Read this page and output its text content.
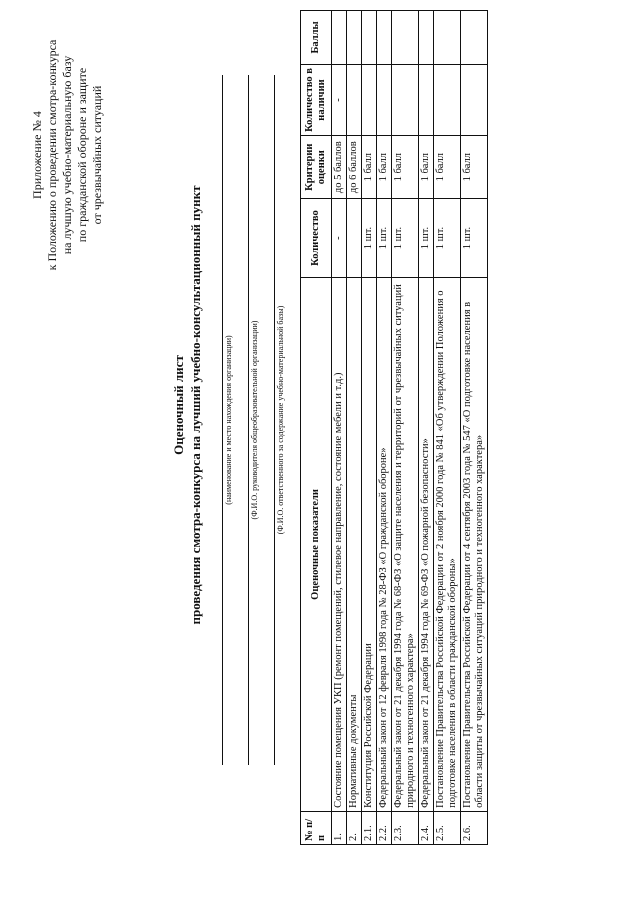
Приложение № 4 к Положению о проведении смотра-конкурса на лучшую учебно-материальную базу по гражданской обороне и защите от чрезвычайных ситуаций
Оценочный лист проведения смотра-конкурса на лучший учебно-консультационный пункт	(наименование и место нахождения организации) (Ф.И.О. руководителя общеобразовательной организации) (Ф.И.О. ответственного за содержание учебно-материальной базы)
№ п/п	Оценочные показатели	Количество	Критерии оценки	Количество в наличии	Баллы
1.	Состояние помещения УКП (ремонт помещений, стилевое направление, состояние мебели и т.д.)	-	до 5 баллов	-	
2.	Нормативные документы		до 6 баллов		
2.1.	Конституция Российской Федерации	1 шт.	1 балл		
2.2.	Федеральный закон от 12 февраля 1998 года № 28-ФЗ «О гражданской обороне»	1 шт.	1 балл		
2.3.	Федеральный закон от 21 декабря 1994 года № 68-ФЗ «О защите населения и территорий от чрезвычайных ситуаций природного и техногенного характера»	1 шт.	1 балл		
2.4.	Федеральный закон от 21 декабря 1994 года № 69-ФЗ «О пожарной безопасности»	1 шт.	1 балл		
2.5.	Постановление Правительства Российской Федерации от 2 ноября 2000 года № 841 «Об утверждении Положения о подготовке населения в области гражданской обороны»	1 шт.	1 балл		
2.6.	Постановление Правительства Российской Федерации от 4 сентября 2003 года № 547 «О подготовке населения в области защиты от чрезвычайных ситуаций природного и техногенного характера»	1 шт.	1 балл		
